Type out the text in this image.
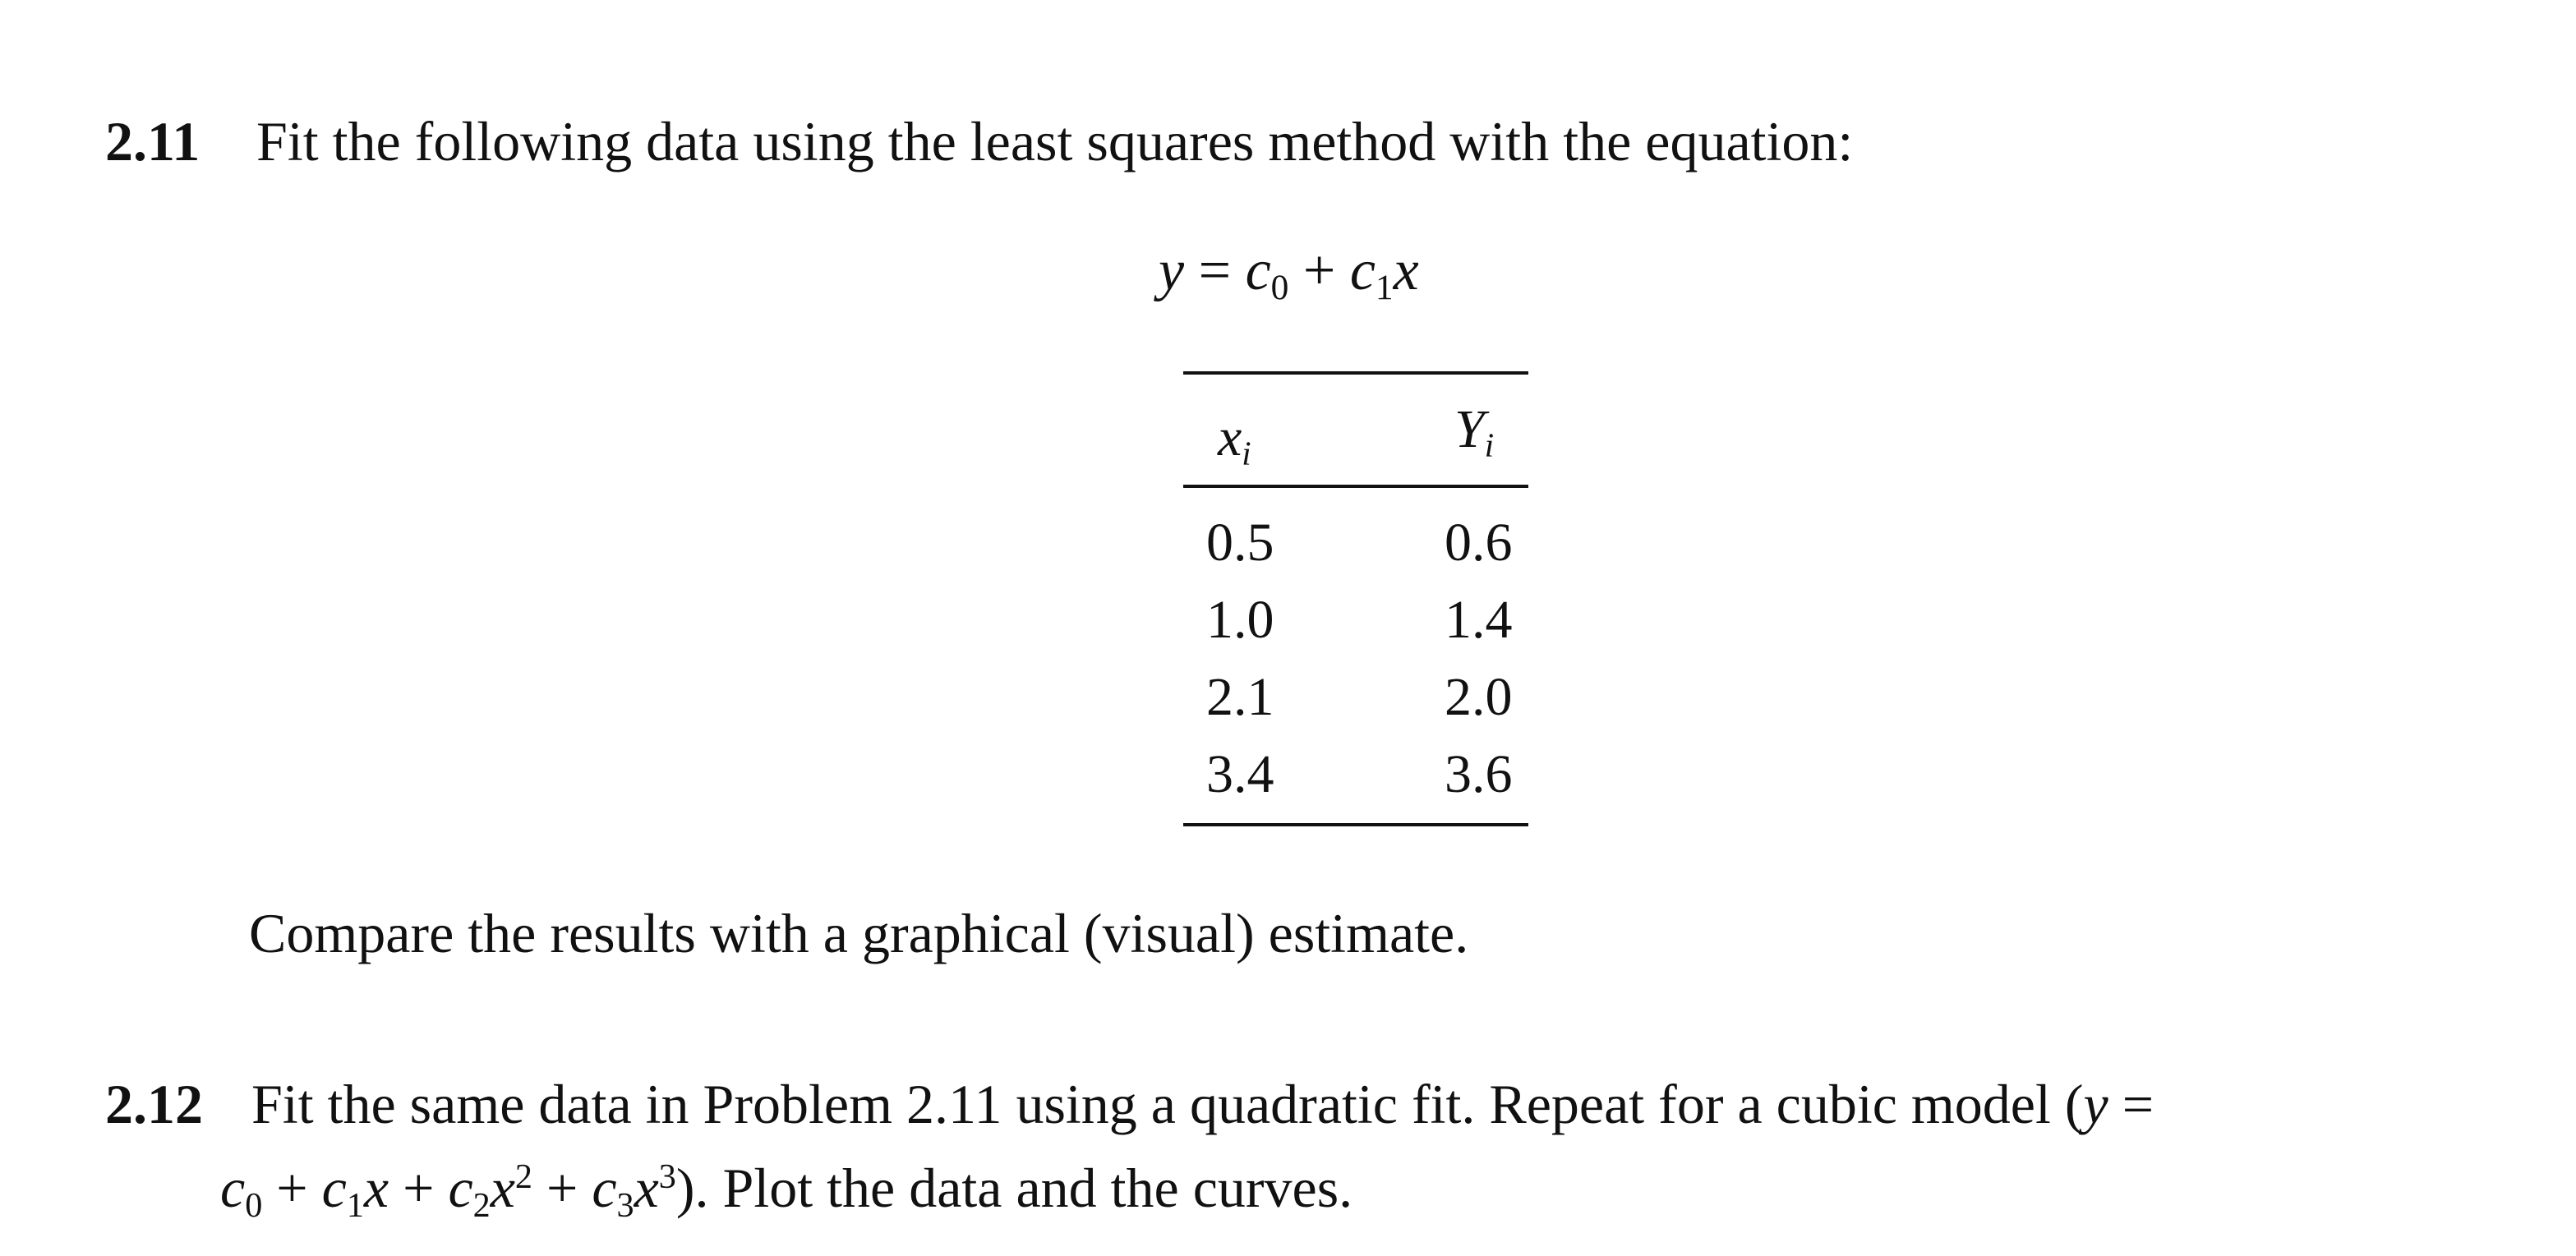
2.11 Fit the following data using the least squares method with the equation:
$y = c_0 + c_1x$
$x_i$	$Y_i$
0.5	0.6
1.0	1.4
2.1	2.0
3.4	3.6
Compare the results with a graphical (visual) estimate.
2.12 Fit the same data in Problem 2.11 using a quadratic fit. Repeat for a cubic model (y =
$c_0 + c_1x + c_2x^2 + c_3x^3$). Plot the data and the curves.
